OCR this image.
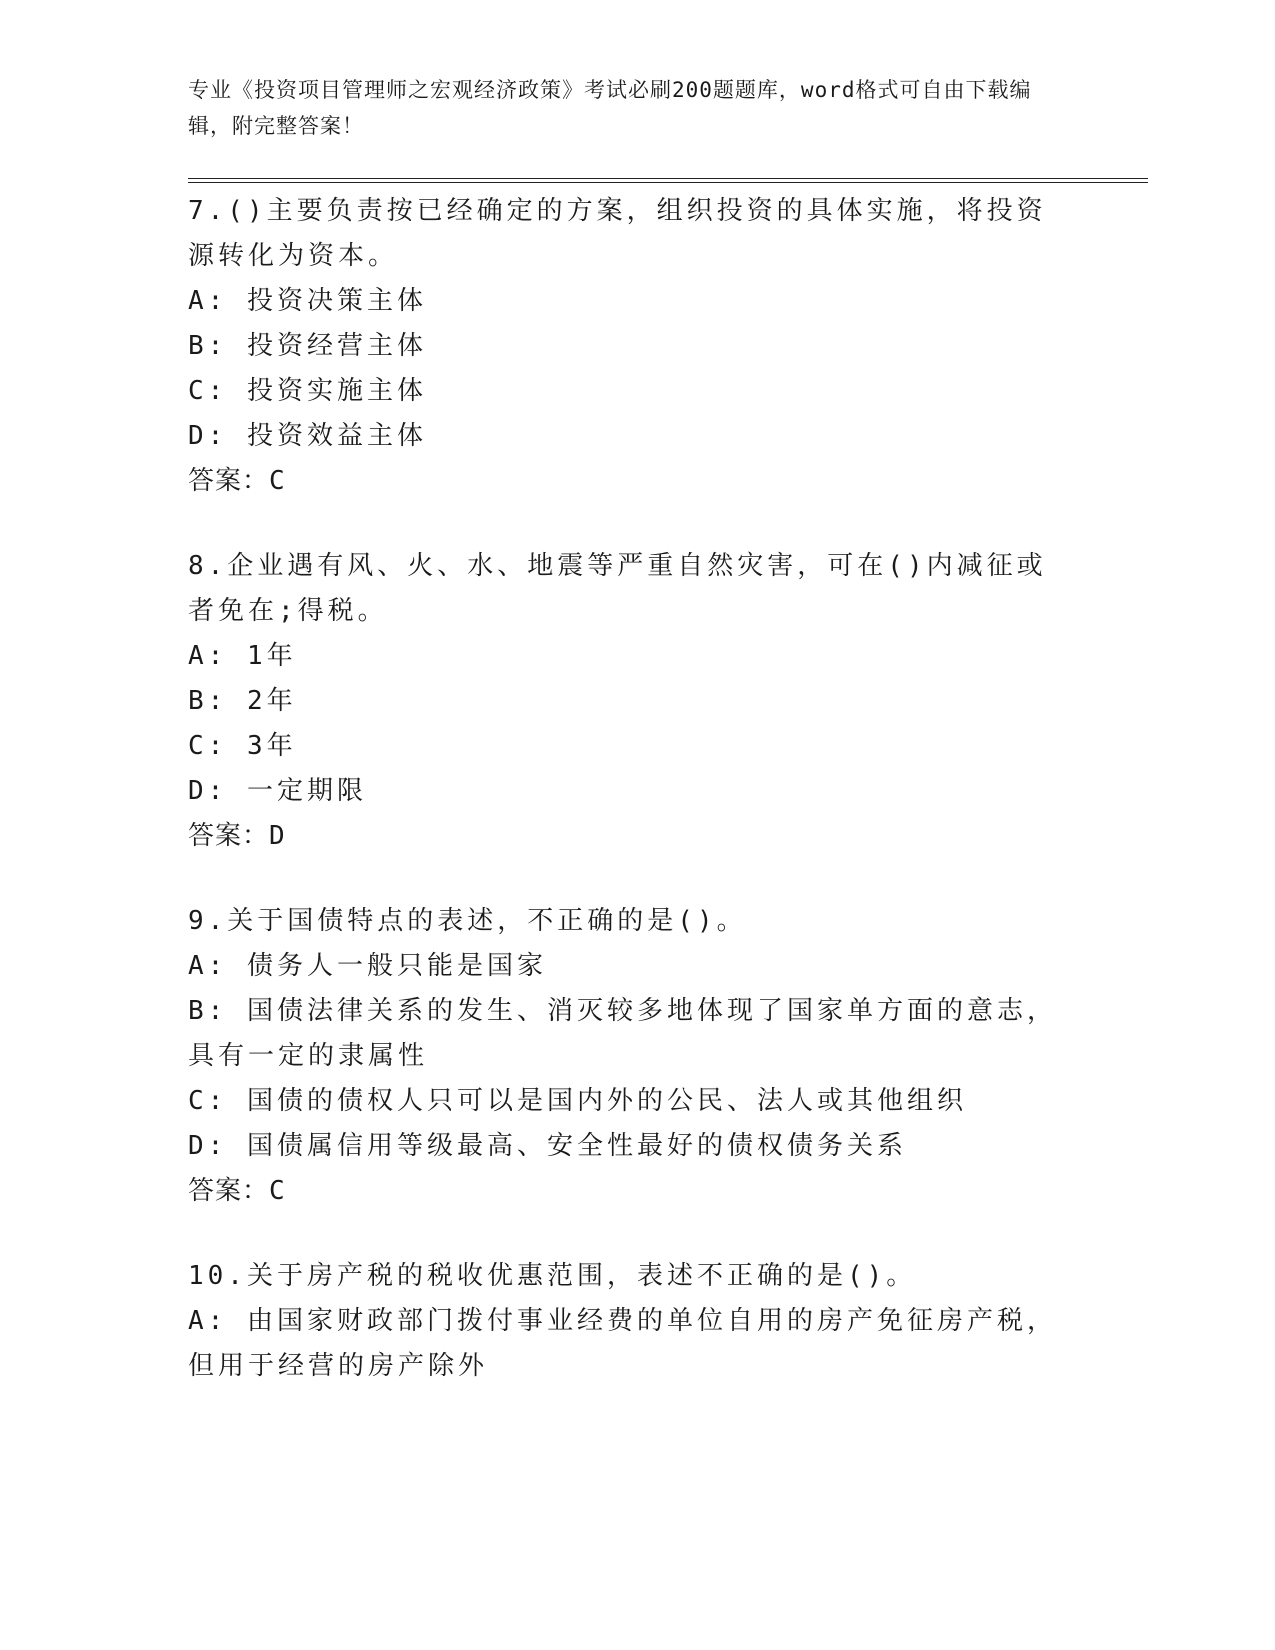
专业《投资项目管理师之宏观经济政策》考试必刷200题题库，word格式可自由下载编辑，附完整答案！

7.()主要负责按已经确定的方案，组织投资的具体实施，将投资源转化为资本。

A: 投资决策主体

B: 投资经营主体

C: 投资实施主体

D: 投资效益主体

答案：C

8.企业遇有风、火、水、地震等严重自然灾害，可在()内减征或者免在;得税。

A: 1年

B: 2年

C: 3年

D: 一定期限

答案：D

9.关于国债特点的表述，不正确的是()。

A: 债务人一般只能是国家

B: 国债法律关系的发生、消灭较多地体现了国家单方面的意志，具有一定的隶属性

C: 国债的债权人只可以是国内外的公民、法人或其他组织

D: 国债属信用等级最高、安全性最好的债权债务关系

答案：C

10.关于房产税的税收优惠范围，表述不正确的是()。

A: 由国家财政部门拨付事业经费的单位自用的房产免征房产税，但用于经营的房产除外
